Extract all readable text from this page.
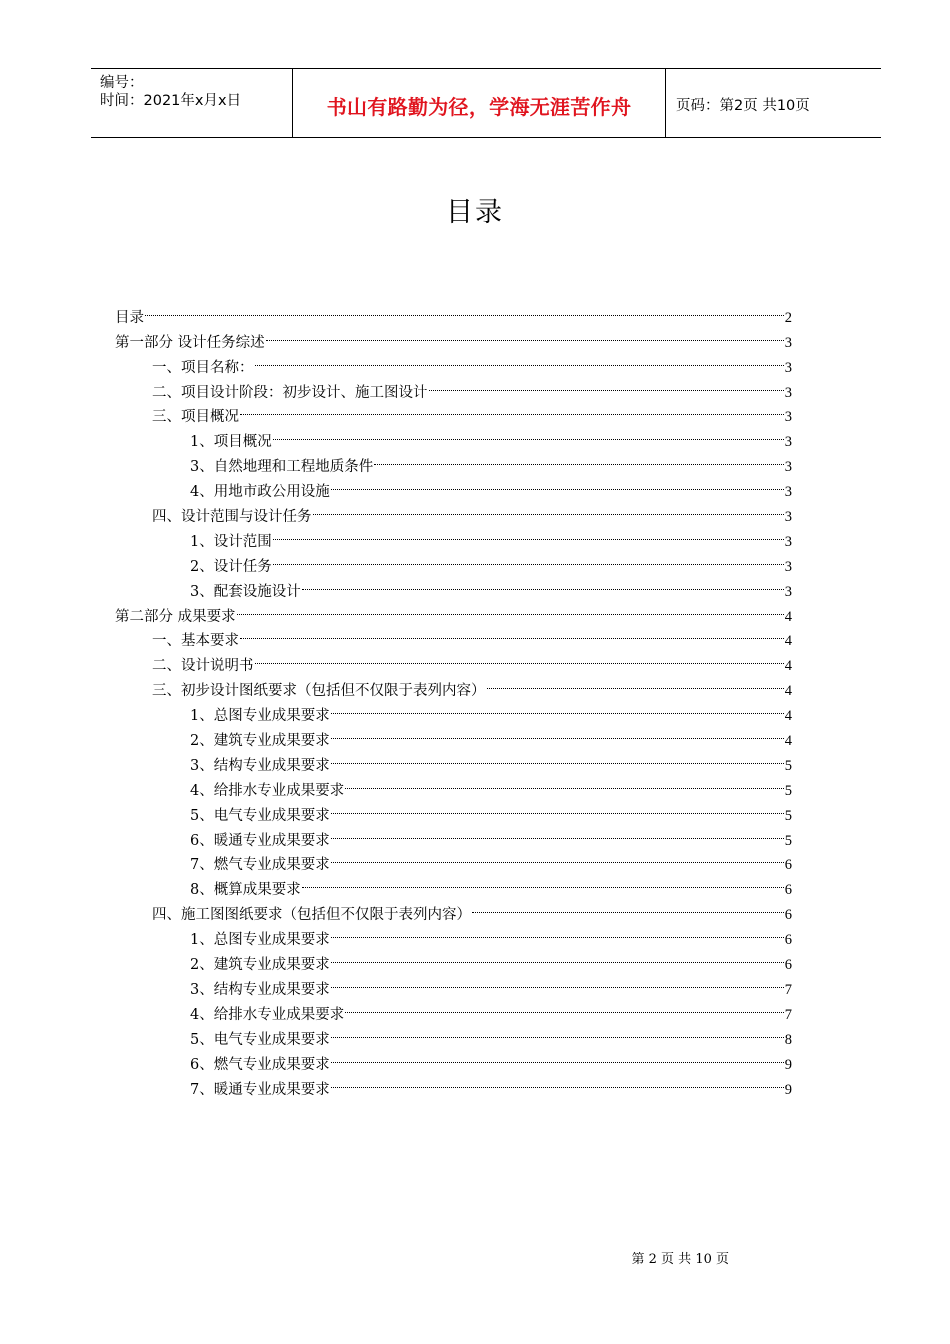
编号：
时间：2021年x月x日	书山有路勤为径，学海无涯苦作舟	页码：第2页 共10页
目录
目录	2
第一部分 设计任务综述	3
一、项目名称：	3
二、项目设计阶段：初步设计、施工图设计	3
三、项目概况	3
1、项目概况	3
3、自然地理和工程地质条件	3
4、用地市政公用设施	3
四、设计范围与设计任务	3
1、设计范围	3
2、设计任务	3
3、配套设施设计	3
第二部分 成果要求	4
一、基本要求	4
二、设计说明书	4
三、初步设计图纸要求（包括但不仅限于表列内容）	4
1、总图专业成果要求	4
2、建筑专业成果要求	4
3、结构专业成果要求	5
4、给排水专业成果要求	5
5、电气专业成果要求	5
6、暖通专业成果要求	5
7、燃气专业成果要求	6
8、概算成果要求	6
四、施工图图纸要求（包括但不仅限于表列内容）	6
1、总图专业成果要求	6
2、建筑专业成果要求	6
3、结构专业成果要求	7
4、给排水专业成果要求	7
5、电气专业成果要求	8
6、燃气专业成果要求	9
7、暖通专业成果要求	9
第 2 页 共 10 页
